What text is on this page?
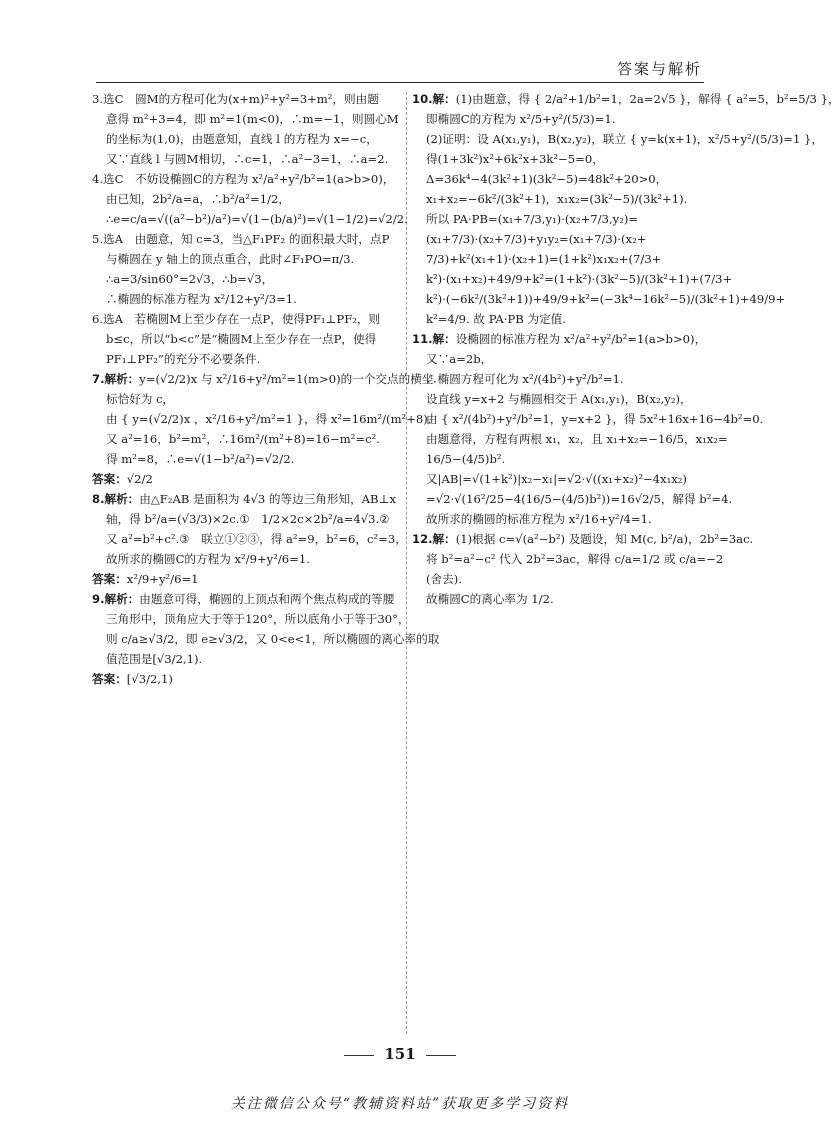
答案与解析

3.选C　圆M的方程可化为(x+m)²+y²=3+m²，则由题

意得 m²+3=4，即 m²=1(m<0)，∴m=−1，则圆心M

的坐标为(1,0)，由题意知，直线 l 的方程为 x=−c，

又∵直线 l 与圆M相切，∴c=1，∴a²−3=1，∴a=2.

4.选C　不妨设椭圆C的方程为 x²/a²+y²/b²=1(a>b>0)，

由已知，2b²/a=a，∴b²/a²=1/2，

∴e=c/a=√((a²−b²)/a²)=√(1−(b/a)²)=√(1−1/2)=√2/2.

5.选A　由题意，知 c=3，当△F₁PF₂ 的面积最大时，点P

与椭圆在 y 轴上的顶点重合，此时∠F₁PO=π/3.

∴a=3/sin60°=2√3，∴b=√3，

∴椭圆的标准方程为 x²/12+y²/3=1.

6.选A　若椭圆M上至少存在一点P，使得PF₁⊥PF₂，则

b≤c，所以“b<c”是“椭圆M上至少存在一点P，使得

PF₁⊥PF₂”的充分不必要条件.

7.解析：y=(√2/2)x 与 x²/16+y²/m²=1(m>0)的一个交点的横坐

标恰好为 c，

由 { y=(√2/2)x ，x²/16+y²/m²=1 }，得 x²=16m²/(m²+8).

又 a²=16，b²=m²，∴16m²/(m²+8)=16−m²=c².

得 m²=8，∴e=√(1−b²/a²)=√2/2.

答案：√2/2

8.解析：由△F₂AB 是面积为 4√3 的等边三角形知，AB⊥x

轴，得 b²/a=(√3/3)×2c.①　1/2×2c×2b²/a=4√3.②

又 a²=b²+c².③　联立①②③，得 a²=9，b²=6，c²=3，

故所求的椭圆C的方程为 x²/9+y²/6=1.

答案：x²/9+y²/6=1

9.解析：由题意可得，椭圆的上顶点和两个焦点构成的等腰

三角形中，顶角应大于等于120°，所以底角小于等于30°，

则 c/a≥√3/2，即 e≥√3/2，又 0<e<1，所以椭圆的离心率的取

值范围是[√3/2,1).

答案：[√3/2,1)

10.解：(1)由题意，得 { 2/a²+1/b²=1，2a=2√5 }，解得 { a²=5，b²=5/3 }，

即椭圆C的方程为 x²/5+y²/(5/3)=1.

(2)证明：设 A(x₁,y₁)，B(x₂,y₂)，联立 { y=k(x+1)，x²/5+y²/(5/3)=1 }，

得(1+3k²)x²+6k²x+3k²−5=0，

Δ=36k⁴−4(3k²+1)(3k²−5)=48k²+20>0，

x₁+x₂=−6k²/(3k²+1)，x₁x₂=(3k²−5)/(3k²+1).

所以 PA·PB=(x₁+7/3,y₁)·(x₂+7/3,y₂)=

(x₁+7/3)·(x₂+7/3)+y₁y₂=(x₁+7/3)·(x₂+

7/3)+k²(x₁+1)·(x₂+1)=(1+k²)x₁x₂+(7/3+

k²)·(x₁+x₂)+49/9+k²=(1+k²)·(3k²−5)/(3k²+1)+(7/3+

k²)·(−6k²/(3k²+1))+49/9+k²=(−3k⁴−16k²−5)/(3k²+1)+49/9+

k²=4/9. 故 PA·PB 为定值.

11.解：设椭圆的标准方程为 x²/a²+y²/b²=1(a>b>0)，

又∵a=2b，

∴椭圆方程可化为 x²/(4b²)+y²/b²=1.

设直线 y=x+2 与椭圆相交于 A(x₁,y₁)，B(x₂,y₂)，

由 { x²/(4b²)+y²/b²=1，y=x+2 }，得 5x²+16x+16−4b²=0.

由题意得，方程有两根 x₁，x₂，且 x₁+x₂=−16/5，x₁x₂=

16/5−(4/5)b².

又|AB|=√(1+k²)|x₂−x₁|=√2·√((x₁+x₂)²−4x₁x₂)

=√2·√(16²/25−4(16/5−(4/5)b²))=16√2/5，解得 b²=4.

故所求的椭圆的标准方程为 x²/16+y²/4=1.

12.解：(1)根据 c=√(a²−b²) 及题设，知 M(c, b²/a)，2b²=3ac.

将 b²=a²−c² 代入 2b²=3ac，解得 c/a=1/2 或 c/a=−2

(舍去).

故椭圆C的离心率为 1/2.

151
关注微信公众号“教辅资料站”获取更多学习资料
